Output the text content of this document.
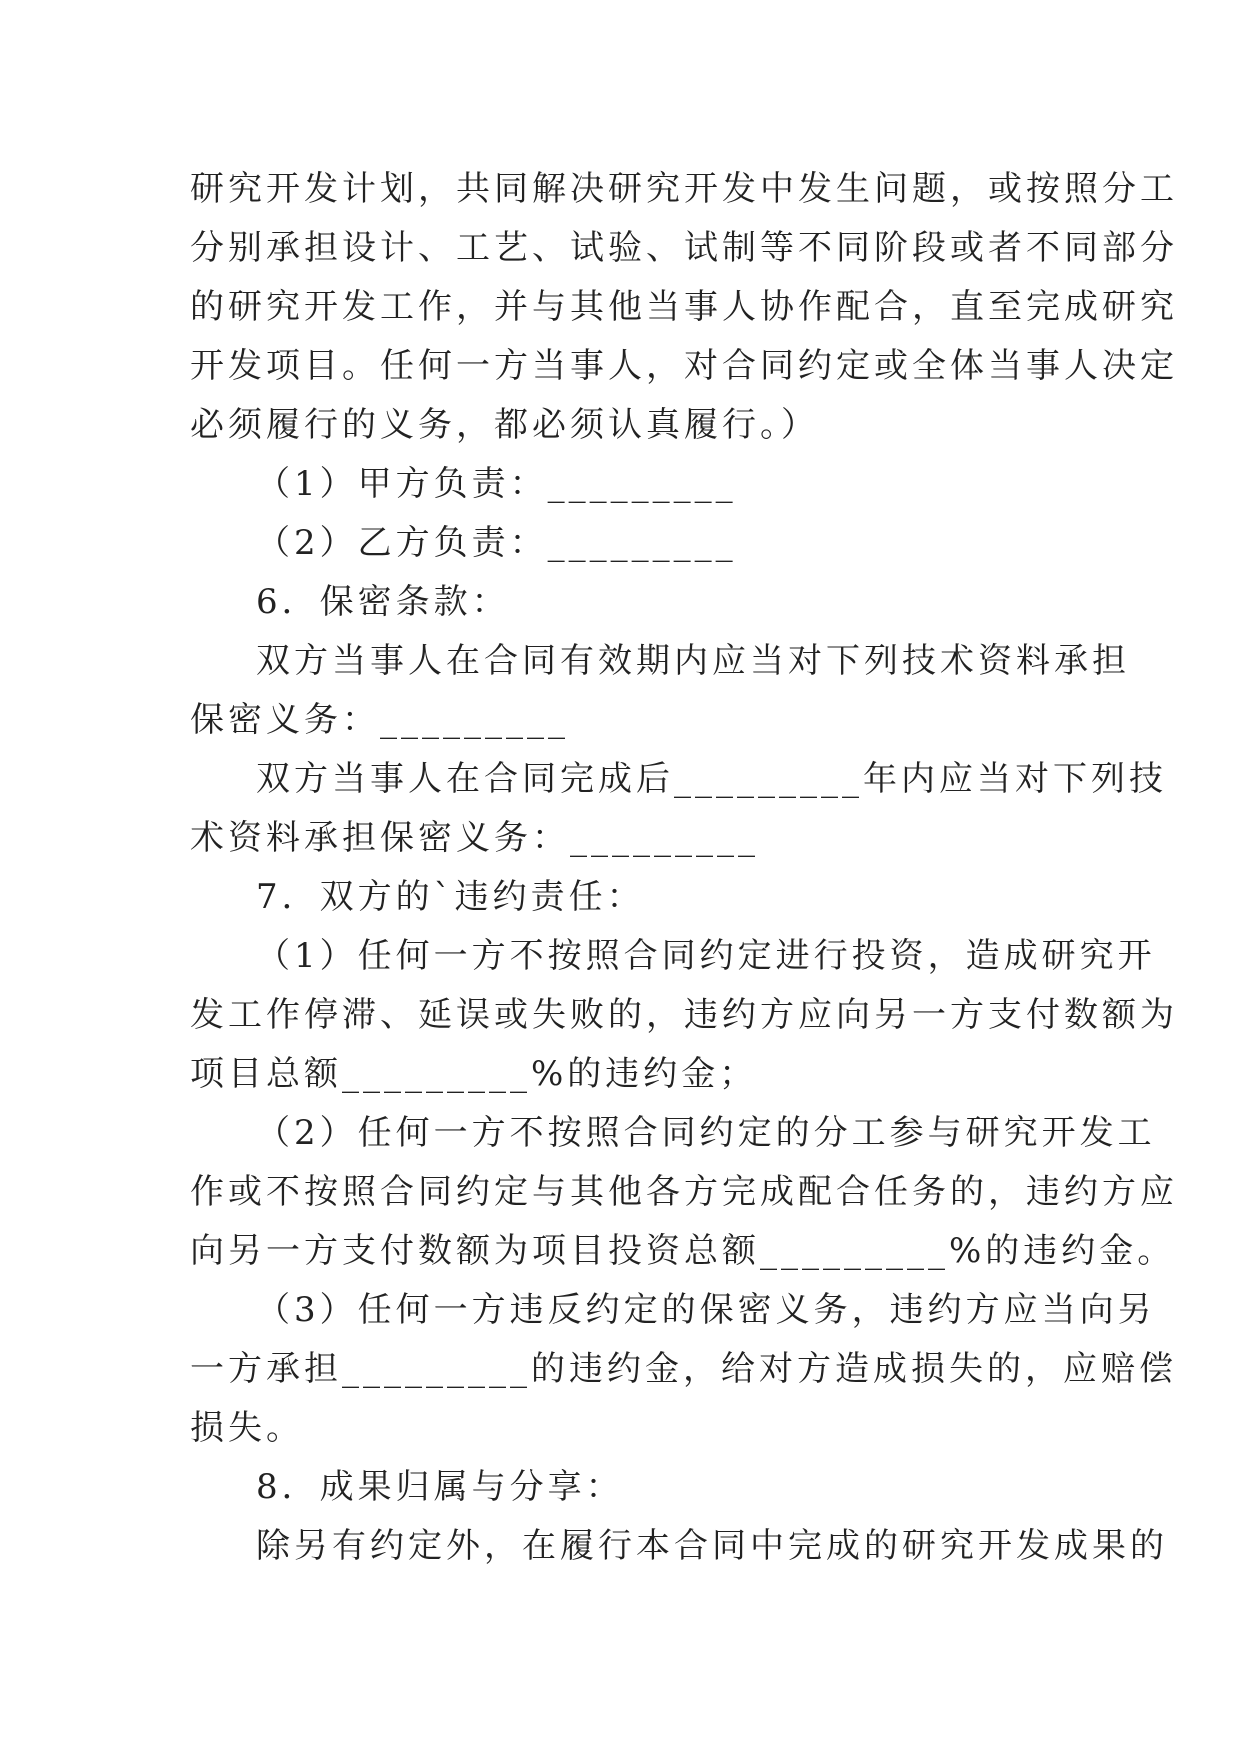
研究开发计划，共同解决研究开发中发生问题，或按照分工
分别承担设计、工艺、试验、试制等不同阶段或者不同部分
的研究开发工作，并与其他当事人协作配合，直至完成研究
开发项目。任何一方当事人，对合同约定或全体当事人决定
必须履行的义务，都必须认真履行。）
（1）甲方负责：_________
（2）乙方负责：_________
6．保密条款：
双方当事人在合同有效期内应当对下列技术资料承担
保密义务：_________
双方当事人在合同完成后_________年内应当对下列技
术资料承担保密义务：_________
7．双方的`违约责任：
（1）任何一方不按照合同约定进行投资，造成研究开
发工作停滞、延误或失败的，违约方应向另一方支付数额为
项目总额_________%的违约金；
（2）任何一方不按照合同约定的分工参与研究开发工
作或不按照合同约定与其他各方完成配合任务的，违约方应
向另一方支付数额为项目投资总额_________%的违约金。
（3）任何一方违反约定的保密义务，违约方应当向另
一方承担_________的违约金，给对方造成损失的，应赔偿
损失。
8．成果归属与分享：
除另有约定外，在履行本合同中完成的研究开发成果的
